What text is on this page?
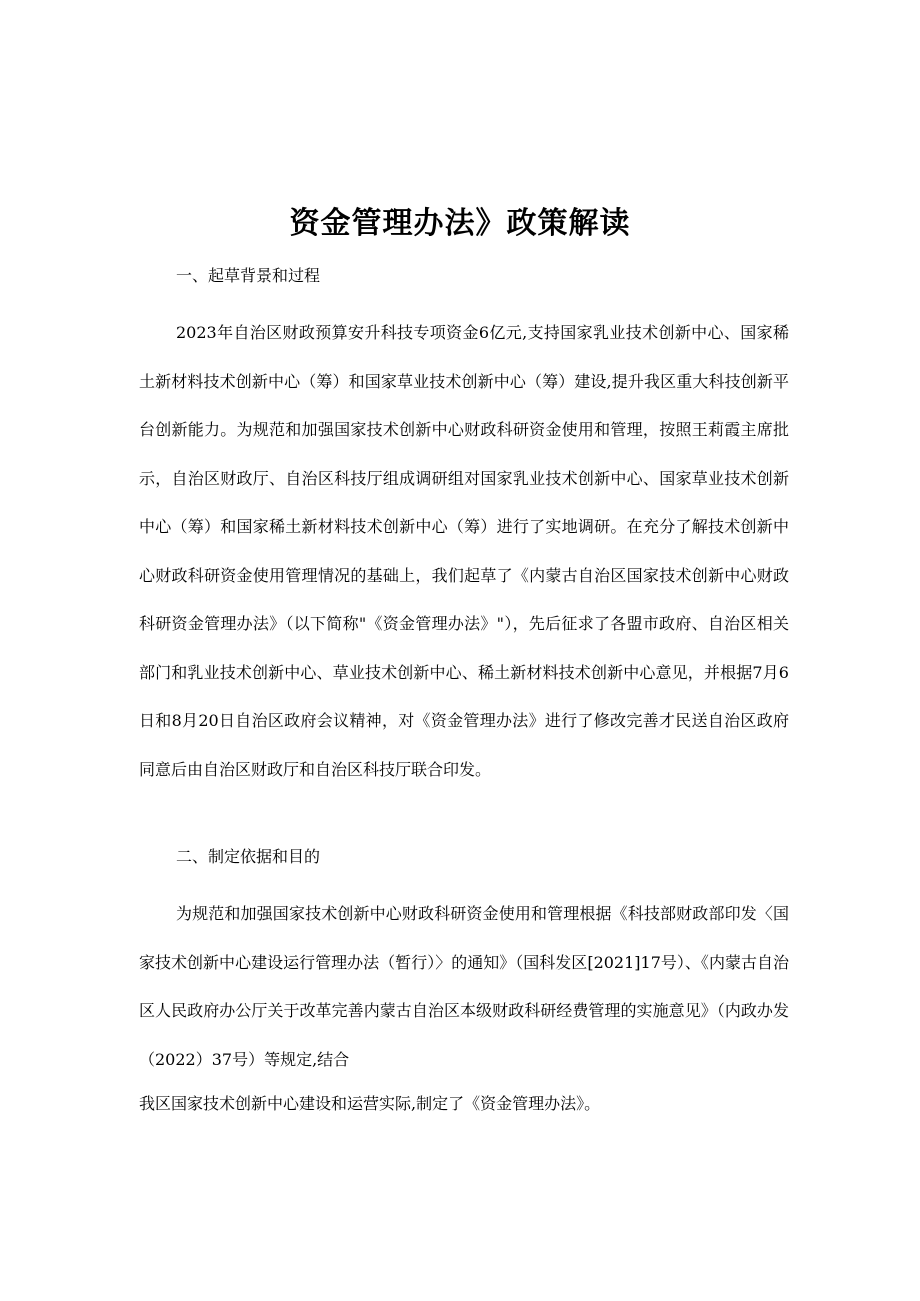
资金管理办法》政策解读
一、起草背景和过程
2023年自治区财政预算安升科技专项资金6亿元,支持国家乳业技术创新中心、国家稀土新材料技术创新中心（筹）和国家草业技术创新中心（筹）建设,提升我区重大科技创新平台创新能力。为规范和加强国家技术创新中心财政科研资金使用和管理，按照王莉霞主席批示，自治区财政厅、自治区科技厅组成调研组对国家乳业技术创新中心、国家草业技术创新中心（筹）和国家稀土新材料技术创新中心（筹）进行了实地调研。在充分了解技术创新中心财政科研资金使用管理情况的基础上，我们起草了《内蒙古自治区国家技术创新中心财政科研资金管理办法》（以下简称"《资金管理办法》"），先后征求了各盟市政府、自治区相关部门和乳业技术创新中心、草业技术创新中心、稀土新材料技术创新中心意见，并根据7月6日和8月20日自治区政府会议精神，对《资金管理办法》进行了修改完善才民送自治区政府同意后由自治区财政厅和自治区科技厅联合印发。
二、制定依据和目的
为规范和加强国家技术创新中心财政科研资金使用和管理根据《科技部财政部印发〈国家技术创新中心建设运行管理办法（暂行）〉的通知》（国科发区[2021]17号）、《内蒙古自治区人民政府办公厅关于改革完善内蒙古自治区本级财政科研经费管理的实施意见》（内政办发（2022）37号）等规定,结合
我区国家技术创新中心建设和运营实际,制定了《资金管理办法》。
